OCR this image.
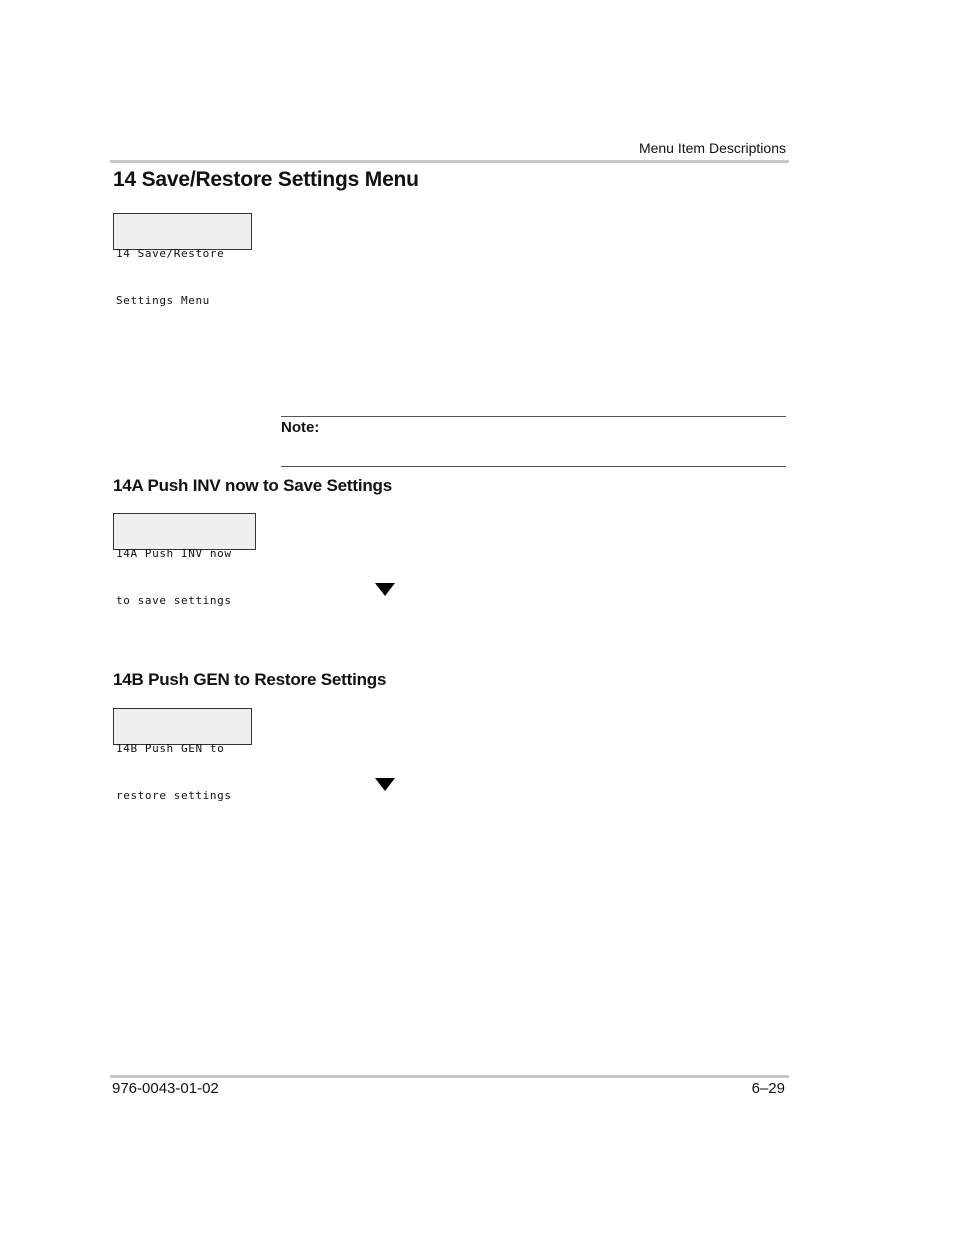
Menu Item Descriptions
14 Save/Restore Settings Menu

14 Save/Restore

Settings Menu

Note:
14A Push INV now to Save Settings

14A Push INV now

to save settings

14B Push GEN to Restore Settings

14B Push GEN to

restore settings

976-0043-01-02	6–29
